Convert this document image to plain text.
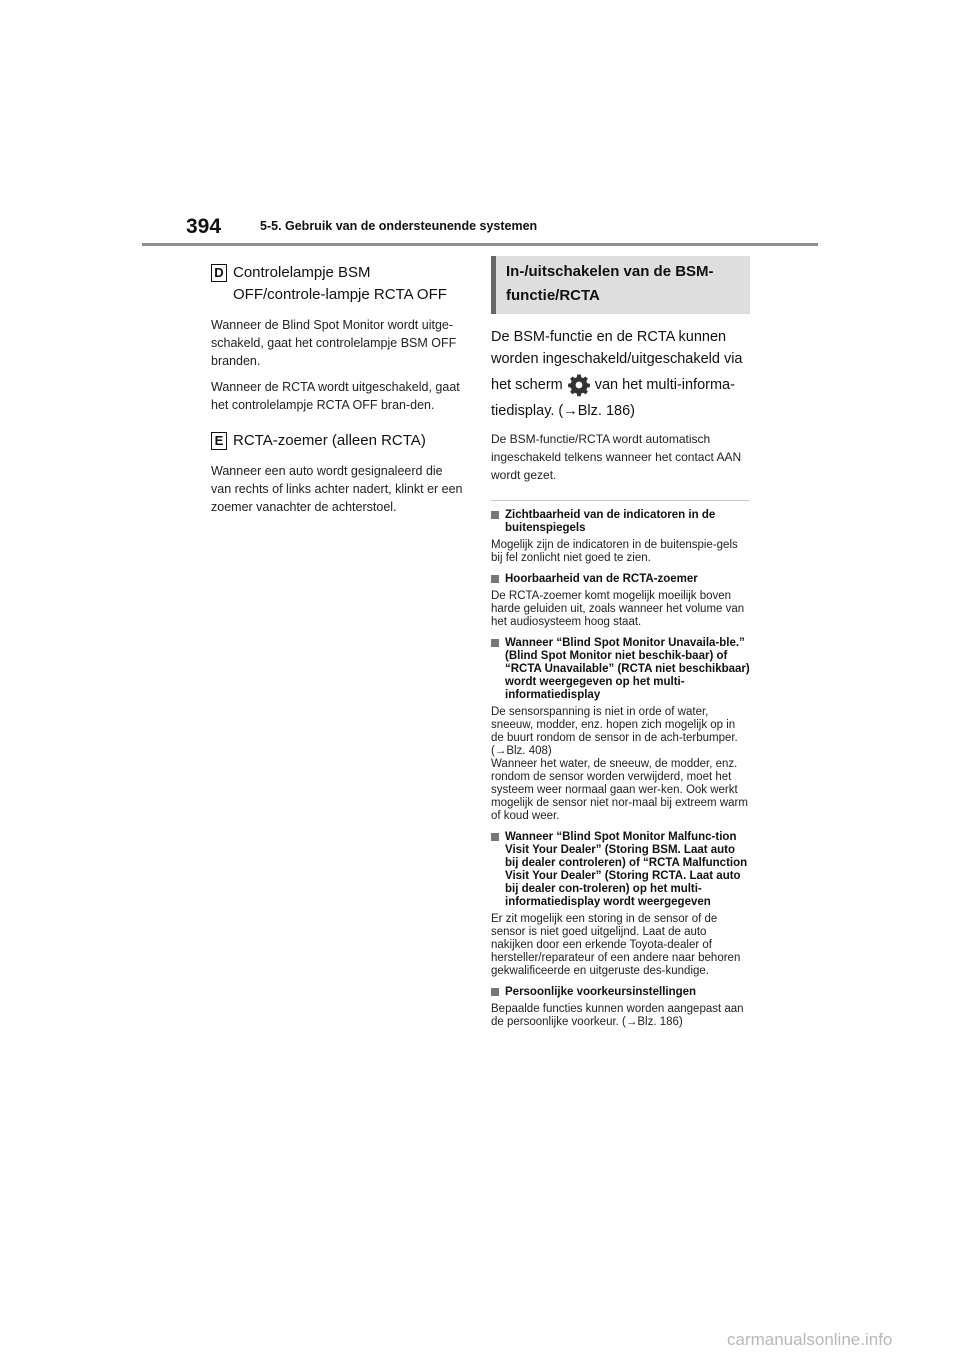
394	5-5. Gebruik van de ondersteunende systemen
D Controlelampje BSM OFF/controle-lampje RCTA OFF

Wanneer de Blind Spot Monitor wordt uitge-schakeld, gaat het controlelampje BSM OFF branden.

Wanneer de RCTA wordt uitgeschakeld, gaat het controlelampje RCTA OFF bran-den.

E RCTA-zoemer (alleen RCTA)

Wanneer een auto wordt gesignaleerd die van rechts of links achter nadert, klinkt er een zoemer vanachter de achterstoel.

In-/uitschakelen van de BSM-functie/RCTA
De BSM-functie en de RCTA kunnen worden ingeschakeld/uitgeschakeld via
het scherm van het multi-informa-
tiedisplay. (→Blz. 186)

De BSM-functie/RCTA wordt automatisch ingeschakeld telkens wanneer het contact AAN wordt gezet.

Zichtbaarheid van de indicatoren in de buitenspiegels
Mogelijk zijn de indicatoren in de buitenspie-gels bij fel zonlicht niet goed te zien.
Hoorbaarheid van de RCTA-zoemer
De RCTA-zoemer komt mogelijk moeilijk boven harde geluiden uit, zoals wanneer het volume van het audiosysteem hoog staat.
Wanneer “Blind Spot Monitor Unavaila-ble.” (Blind Spot Monitor niet beschik-baar) of “RCTA Unavailable” (RCTA niet beschikbaar) wordt weergegeven op het multi-informatiedisplay
De sensorspanning is niet in orde of water, sneeuw, modder, enz. hopen zich mogelijk op in de buurt rondom de sensor in de ach-terbumper. (→Blz. 408)
Wanneer het water, de sneeuw, de modder, enz. rondom de sensor worden verwijderd, moet het systeem weer normaal gaan wer-ken. Ook werkt mogelijk de sensor niet nor-maal bij extreem warm of koud weer.
Wanneer “Blind Spot Monitor Malfunc-tion Visit Your Dealer” (Storing BSM. Laat auto bij dealer controleren) of “RCTA Malfunction Visit Your Dealer” (Storing RCTA. Laat auto bij dealer con-troleren) op het multi-informatiedisplay wordt weergegeven
Er zit mogelijk een storing in de sensor of de sensor is niet goed uitgelijnd. Laat de auto nakijken door een erkende Toyota-dealer of hersteller/reparateur of een andere naar behoren gekwalificeerde en uitgeruste des-kundige.
Persoonlijke voorkeursinstellingen
Bepaalde functies kunnen worden aangepast aan de persoonlijke voorkeur. (→Blz. 186)
carmanualsonline.info
